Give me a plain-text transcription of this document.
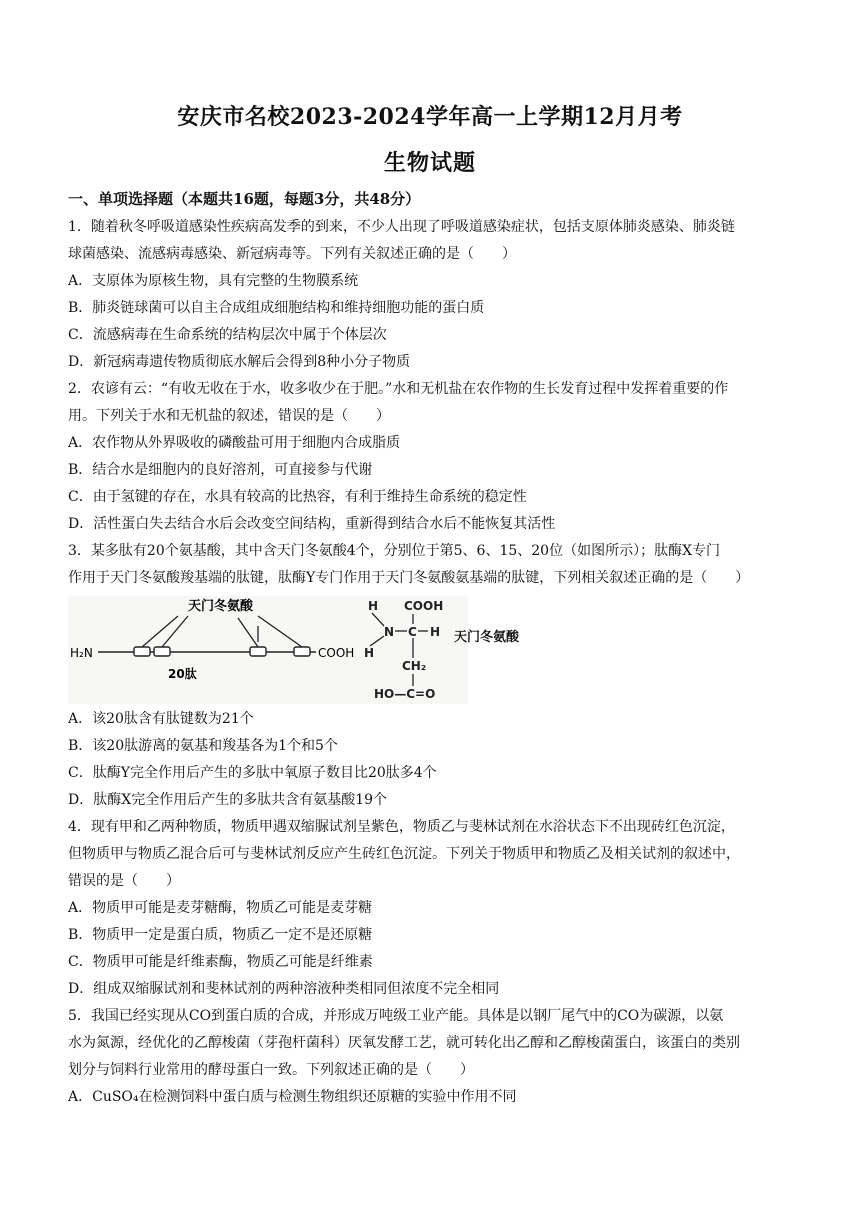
安庆市名校2023-2024学年高一上学期12月月考
生物试题
一、单项选择题（本题共16题，每题3分，共48分）
1．随着秋冬呼吸道感染性疾病高发季的到来，不少人出现了呼吸道感染症状，包括支原体肺炎感染、肺炎链
球菌感染、流感病毒感染、新冠病毒等。下列有关叙述正确的是（　　）
A．支原体为原核生物，具有完整的生物膜系统
B．肺炎链球菌可以自主合成组成细胞结构和维持细胞功能的蛋白质
C．流感病毒在生命系统的结构层次中属于个体层次
D．新冠病毒遗传物质彻底水解后会得到8种小分子物质
2．农谚有云：“有收无收在于水，收多收少在于肥。”水和无机盐在农作物的生长发育过程中发挥着重要的作
用。下列关于水和无机盐的叙述，错误的是（　　）
A．农作物从外界吸收的磷酸盐可用于细胞内合成脂质
B．结合水是细胞内的良好溶剂，可直接参与代谢
C．由于氢键的存在，水具有较高的比热容，有利于维持生命系统的稳定性
D．活性蛋白失去结合水后会改变空间结构，重新得到结合水后不能恢复其活性
3．某多肽有20个氨基酸，其中含天门冬氨酸4个，分别位于第5、6、15、20位（如图所示）；肽酶X专门
作用于天门冬氨酸羧基端的肽键，肽酶Y专门作用于天门冬氨酸氨基端的肽键，下列相关叙述正确的是（　　）
天门冬氨酸
H₂N	COOH
20肽
H
H
N C H
COOH
CH₂
HO—C=O
天门冬氨酸
A．该20肽含有肽键数为21个
B．该20肽游离的氨基和羧基各为1个和5个
C．肽酶Y完全作用后产生的多肽中氧原子数目比20肽多4个
D．肽酶X完全作用后产生的多肽共含有氨基酸19个
4．现有甲和乙两种物质，物质甲遇双缩脲试剂呈紫色，物质乙与斐林试剂在水浴状态下不出现砖红色沉淀，
但物质甲与物质乙混合后可与斐林试剂反应产生砖红色沉淀。下列关于物质甲和物质乙及相关试剂的叙述中，
错误的是（　　）
A．物质甲可能是麦芽糖酶，物质乙可能是麦芽糖
B．物质甲一定是蛋白质，物质乙一定不是还原糖
C．物质甲可能是纤维素酶，物质乙可能是纤维素
D．组成双缩脲试剂和斐林试剂的两种溶液种类相同但浓度不完全相同
5．我国已经实现从CO到蛋白质的合成，并形成万吨级工业产能。具体是以钢厂尾气中的CO为碳源，以氨
水为氮源，经优化的乙醇梭菌（芽孢杆菌科）厌氧发酵工艺，就可转化出乙醇和乙醇梭菌蛋白，该蛋白的类别
划分与饲料行业常用的酵母蛋白一致。下列叙述正确的是（　　）
A．CuSO₄在检测饲料中蛋白质与检测生物组织还原糖的实验中作用不同
